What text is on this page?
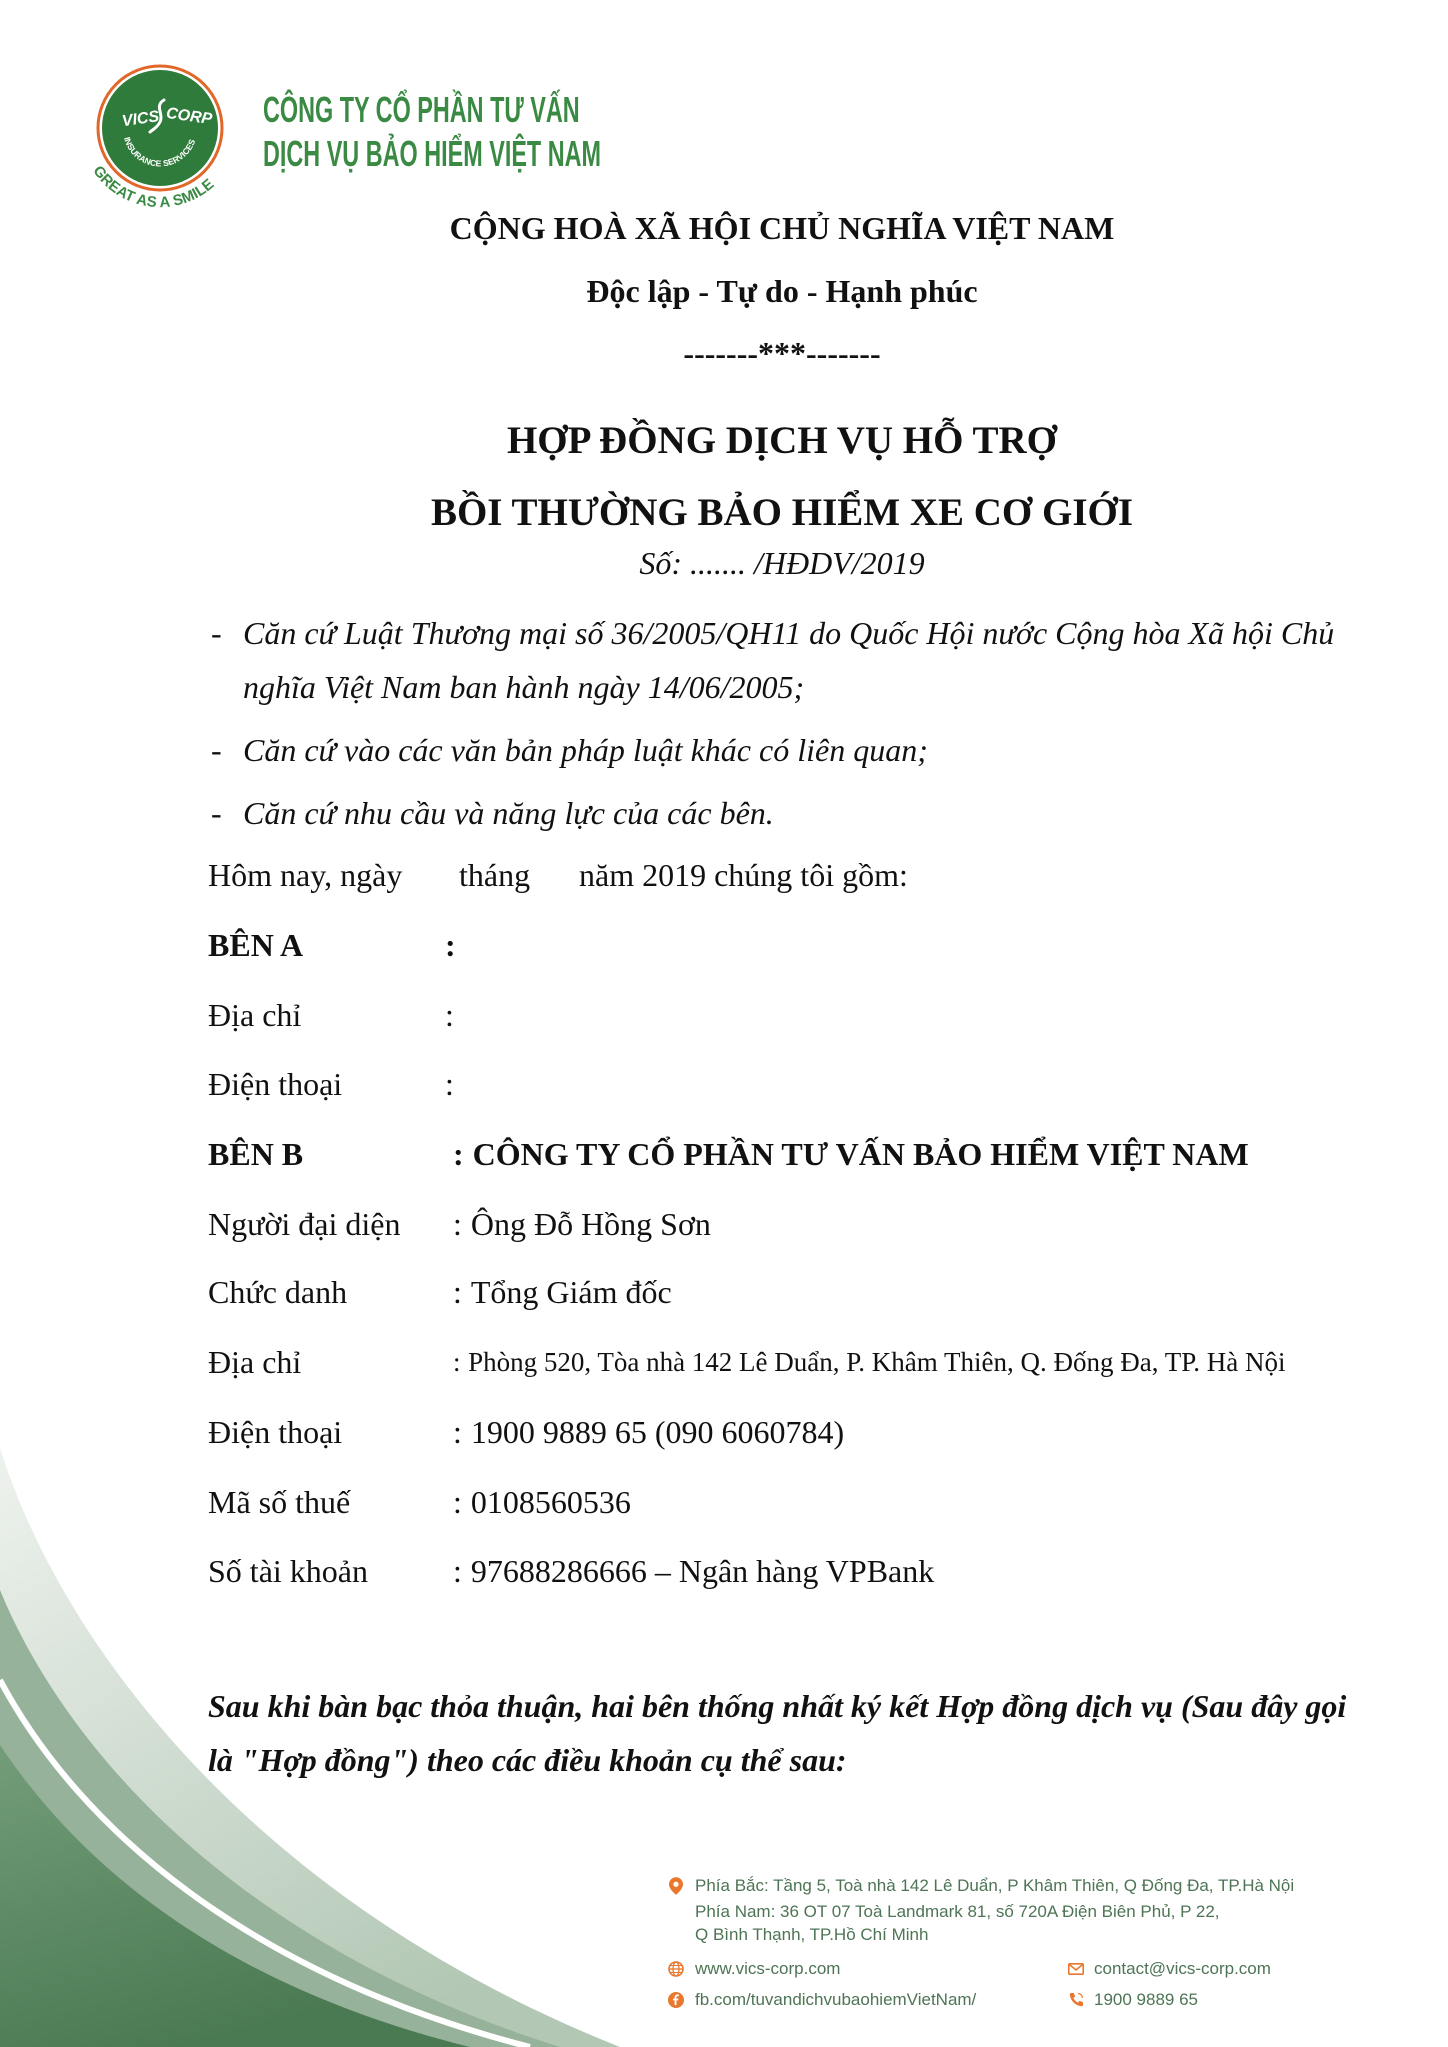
VICS CORP
INSURANCE SERVICES
GREAT AS A SMILE
CÔNG TY CỔ PHẦN TƯ VẤN
DỊCH VỤ BẢO HIỂM VIỆT NAM
CỘNG HOÀ XÃ HỘI CHỦ NGHĨA VIỆT NAM
Độc lập - Tự do - Hạnh phúc
-------***-------
HỢP ĐỒNG DỊCH VỤ HỖ TRỢ
BỒI THƯỜNG BẢO HIỂM XE CƠ GIỚI
Số: ....... /HĐDV/2019
- Căn cứ Luật Thương mại số 36/2005/QH11 do Quốc Hội nước Cộng hòa Xã hội Chủ
nghĩa Việt Nam ban hành ngày 14/06/2005;
- Căn cứ vào các văn bản pháp luật khác có liên quan;
- Căn cứ nhu cầu và năng lực của các bên.
Hôm nay, ngày tháng năm 2019 chúng tôi gồm:
BÊN A	:
Địa chỉ	:
Điện thoại	:
BÊN B	: CÔNG TY CỔ PHẦN TƯ VẤN BẢO HIỂM VIỆT NAM
Người đại diện : Ông Đỗ Hồng Sơn
Chức danh	: Tổng Giám đốc
Địa chỉ	: Phòng 520, Tòa nhà 142 Lê Duẩn, P. Khâm Thiên, Q. Đống Đa, TP. Hà Nội
Điện thoại	: 1900 9889 65 (090 6060784)
Mã số thuế	: 0108560536
Số tài khoản	: 97688286666 – Ngân hàng VPBank
Sau khi bàn bạc thỏa thuận, hai bên thống nhất ký kết Hợp đồng dịch vụ (Sau đây gọi
là "Hợp đồng") theo các điều khoản cụ thể sau:
Phía Bắc: Tầng 5, Toà nhà 142 Lê Duẩn, P Khâm Thiên, Q Đống Đa, TP.Hà Nội
Phía Nam: 36 OT 07 Toà Landmark 81, số 720A Điện Biên Phủ, P 22,
Q Bình Thạnh, TP.Hồ Chí Minh
www.vics-corp.com	contact@vics-corp.com
fb.com/tuvandichvubaohiemVietNam/	1900 9889 65
